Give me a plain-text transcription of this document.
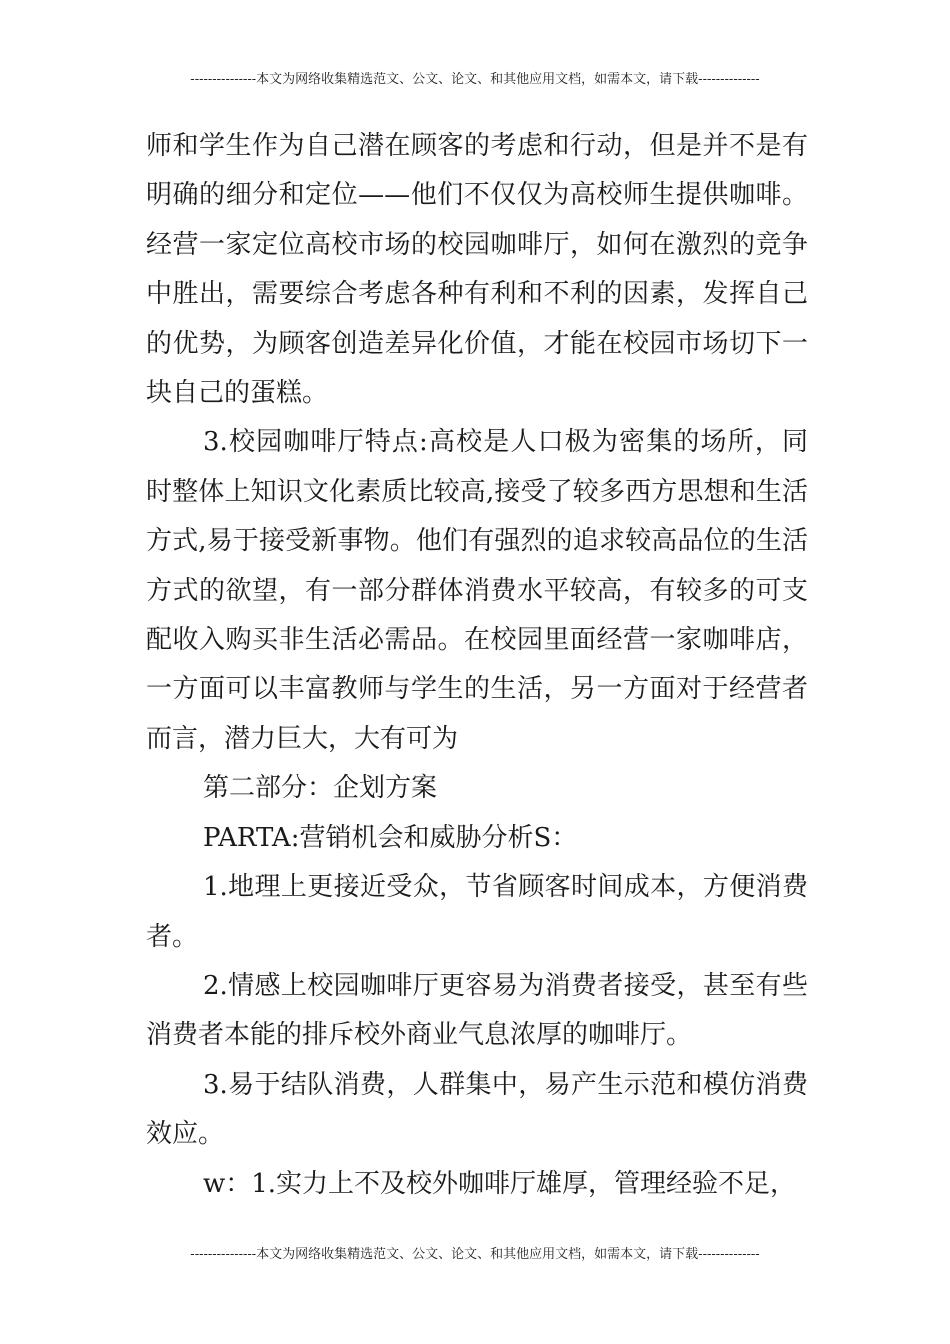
---------------本文为网络收集精选范文、公文、论文、和其他应用文档，如需本文，请下载--------------

师和学生作为自己潜在顾客的考虑和行动，但是并不是有明确的细分和定位——他们不仅仅为高校师生提供咖啡。经营一家定位高校市场的校园咖啡厅，如何在激烈的竞争中胜出，需要综合考虑各种有利和不利的因素，发挥自己的优势，为顾客创造差异化价值，才能在校园市场切下一块自己的蛋糕。

3.校园咖啡厅特点:高校是人口极为密集的场所，同时整体上知识文化素质比较高,接受了较多西方思想和生活方式,易于接受新事物。他们有强烈的追求较高品位的生活方式的欲望，有一部分群体消费水平较高，有较多的可支配收入购买非生活必需品。在校园里面经营一家咖啡店，一方面可以丰富教师与学生的生活，另一方面对于经营者而言，潜力巨大，大有可为

第二部分：企划方案

PARTA:营销机会和威胁分析S：

1.地理上更接近受众，节省顾客时间成本，方便消费者。

2.情感上校园咖啡厅更容易为消费者接受，甚至有些消费者本能的排斥校外商业气息浓厚的咖啡厅。

3.易于结队消费，人群集中，易产生示范和模仿消费效应。

w：1.实力上不及校外咖啡厅雄厚，管理经验不足，

---------------本文为网络收集精选范文、公文、论文、和其他应用文档，如需本文，请下载--------------
